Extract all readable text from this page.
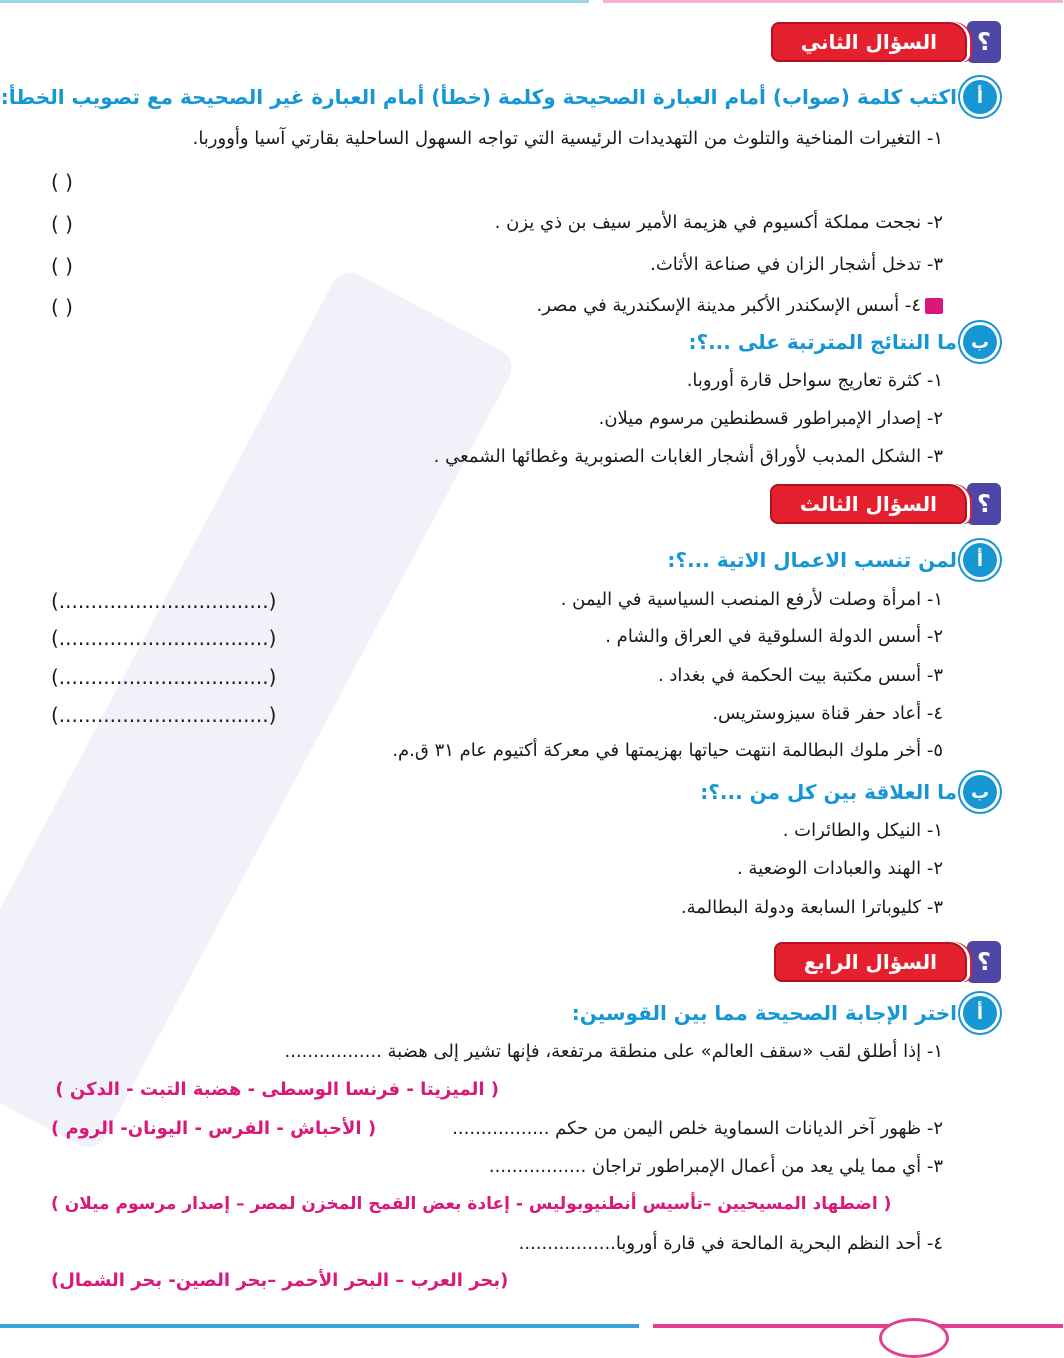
؟
السؤال الثاني
أ
اكتب كلمة (صواب) أمام العبارة الصحيحة وكلمة (خطأ) أمام العبارة غير الصحيحة مع تصويب الخطأ:
١- التغيرات المناخية والتلوث من التهديدات الرئيسية التي تواجه السهول الساحلية بقارتي آسيا وأووربا.
( )
٢- نجحت مملكة أكسيوم في هزيمة الأمير سيف بن ذي يزن .
( )
٣- تدخل أشجار الزان في صناعة الأثاث.
( )
٤- أسس الإسكندر الأكبر مدينة الإسكندرية في مصر.
( )
ب
ما النتائج المترتبة على ...؟:
١- كثرة تعاريج سواحل قارة أوروبا.
٢- إصدار الإمبراطور قسطنطين مرسوم ميلان.
٣- الشكل المدبب لأوراق أشجار الغابات الصنوبرية وغطائها الشمعي .
؟
السؤال الثالث
أ
لمن تنسب الاعمال الاتية ...؟:
١- امرأة وصلت لأرفع المنصب السياسية في اليمن .
(.................................)
٢- أسس الدولة السلوقية في العراق والشام .
(.................................)
٣- أسس مكتبة بيت الحكمة في بغداد .
(.................................)
٤- أعاد حفر قناة سيزوستريس.
(.................................)
٥- أخر ملوك البطالمة انتهت حياتها بهزيمتها في معركة أكتيوم عام ٣١ ق.م.
ب
ما العلاقة بين كل من ...؟:
١- النيكل والطائرات .
٢- الهند والعبادات الوضعية .
٣- كليوباترا السابعة ودولة البطالمة.
؟
السؤال الرابع
أ
اختر الإجابة الصحيحة مما بين القوسين:
١- إذا أطلق لقب «سقف العالم» على منطقة مرتفعة، فإنها تشير إلى هضبة .................
( الميزيتا - فرنسا الوسطى - هضبة التبت - الدكن )
٢- ظهور آخر الديانات السماوية خلص اليمن من حكم .................
( الأحباش - الفرس - اليونان- الروم )
٣- أي مما يلي يعد من أعمال الإمبراطور تراجان .................
( اضطهاد المسيحيين –تأسيس أنطنيوبوليس - إعادة بعض القمح المخزن لمصر – إصدار مرسوم ميلان )
٤- أحد النظم البحرية المالحة في قارة أوروبا.................
(بحر العرب – البحر الأحمر –بحر الصين- بحر الشمال)
